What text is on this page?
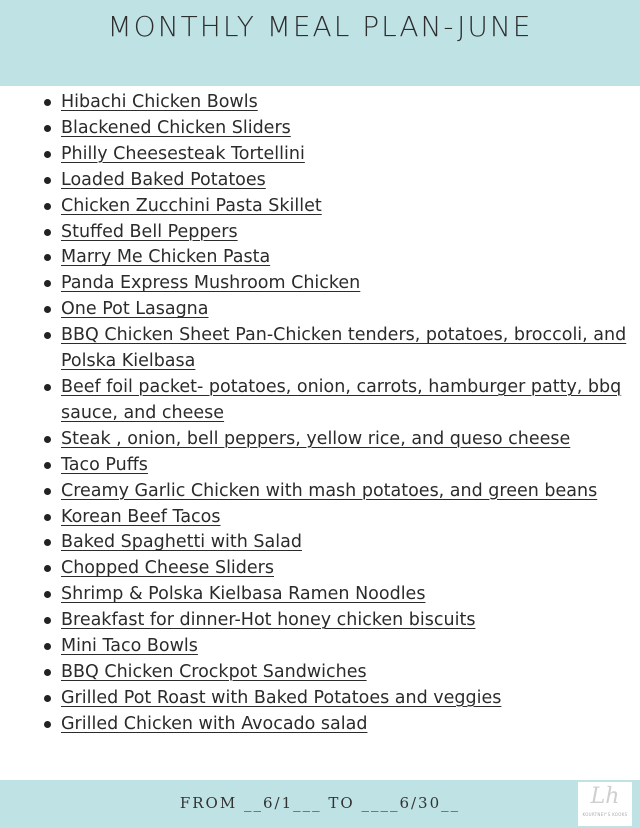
MONTHLY MEAL PLAN-JUNE
Hibachi Chicken Bowls
Blackened Chicken Sliders
Philly Cheesesteak Tortellini
Loaded Baked Potatoes
Chicken Zucchini Pasta Skillet
Stuffed Bell Peppers
Marry Me Chicken Pasta
Panda Express Mushroom Chicken
One Pot Lasagna
BBQ Chicken Sheet Pan-Chicken tenders, potatoes, broccoli, and Polska Kielbasa
Beef foil packet- potatoes, onion, carrots, hamburger patty, bbq sauce, and cheese
Steak , onion, bell peppers, yellow rice, and queso cheese
Taco Puffs
Creamy Garlic Chicken with mash potatoes, and green beans
Korean Beef Tacos
Baked Spaghetti with Salad
Chopped Cheese Sliders
Shrimp & Polska Kielbasa Ramen Noodles
Breakfast for dinner-Hot honey chicken biscuits
Mini Taco Bowls
BBQ Chicken Crockpot Sandwiches
Grilled Pot Roast with Baked Potatoes and veggies
Grilled Chicken with Avocado salad
FROM __6/1___ TO ____6/30__	Lh
KOURTNEY'S KOOKS
